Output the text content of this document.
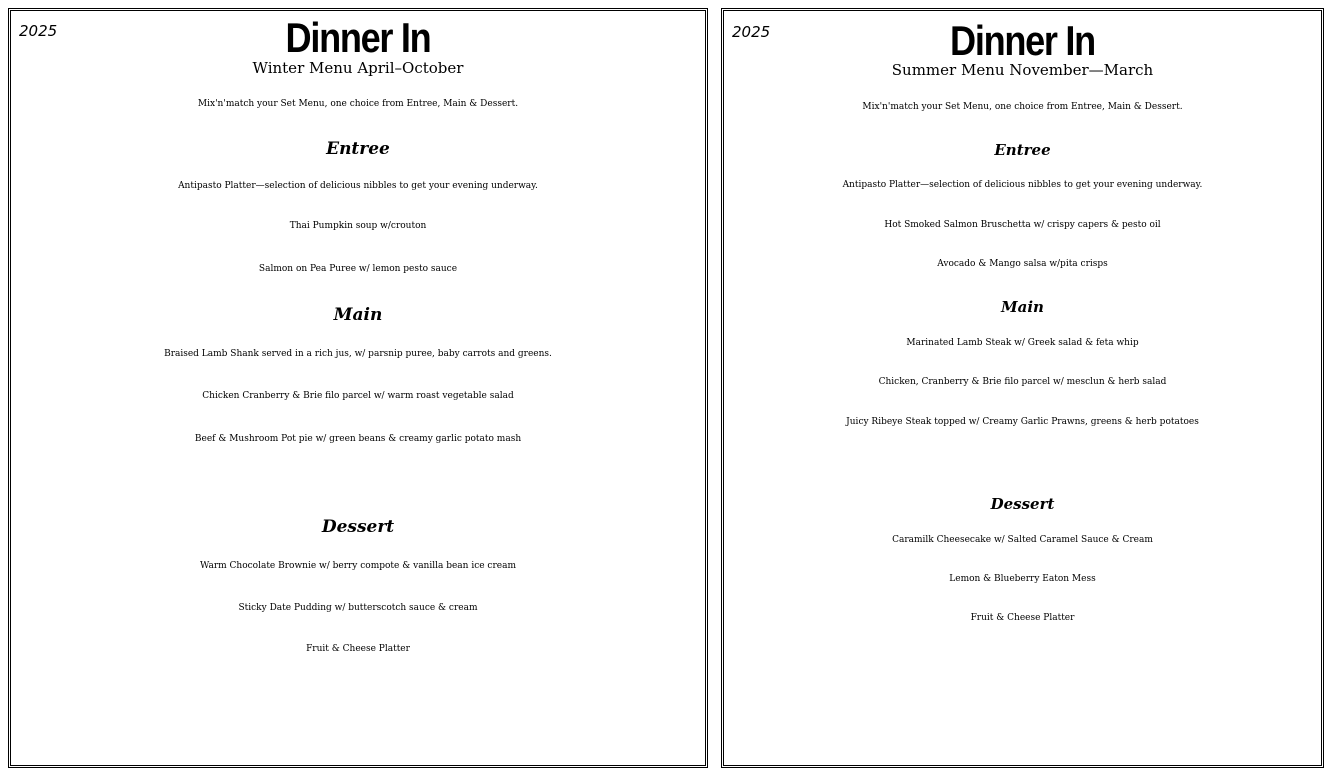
2025	Dinner In

Winter Menu April–October

Mix'n'match your Set Menu, one choice from Entree, Main & Dessert.

Entree

Antipasto Platter—selection of delicious nibbles to get your evening underway.

Thai Pumpkin soup w/crouton

Salmon on Pea Puree w/ lemon pesto sauce

Main

Braised Lamb Shank served in a rich jus, w/ parsnip puree, baby carrots and greens.

Chicken Cranberry & Brie filo parcel w/ warm roast vegetable salad

Beef & Mushroom Pot pie w/ green beans & creamy garlic potato mash

Dessert

Warm Chocolate Brownie w/ berry compote & vanilla bean ice cream

Sticky Date Pudding w/ butterscotch sauce & cream

Fruit & Cheese Platter

2025	Dinner In

Summer Menu November—March

Mix'n'match your Set Menu, one choice from Entree, Main & Dessert.

Entree

Antipasto Platter—selection of delicious nibbles to get your evening underway.

Hot Smoked Salmon Bruschetta w/ crispy capers & pesto oil

Avocado & Mango salsa w/pita crisps

Main

Marinated Lamb Steak w/ Greek salad & feta whip

Chicken, Cranberry & Brie filo parcel w/ mesclun & herb salad

Juicy Ribeye Steak topped w/ Creamy Garlic Prawns, greens & herb potatoes

Dessert

Caramilk Cheesecake w/ Salted Caramel Sauce & Cream

Lemon & Blueberry Eaton Mess

Fruit & Cheese Platter
